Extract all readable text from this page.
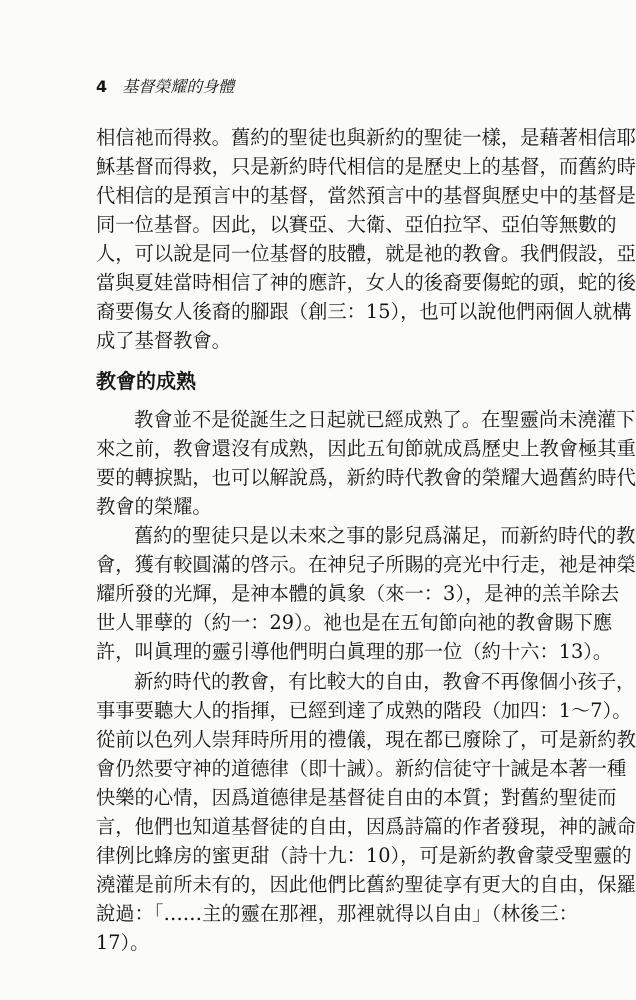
4 基督榮耀的身體
相信祂而得救。舊約的聖徒也與新約的聖徒一樣，是藉著相信耶
穌基督而得救，只是新約時代相信的是歷史上的基督，而舊約時
代相信的是預言中的基督，當然預言中的基督與歷史中的基督是
同一位基督。因此，以賽亞、大衛、亞伯拉罕、亞伯等無數的
人，可以說是同一位基督的肢體，就是祂的教會。我們假設，亞
當與夏娃當時相信了神的應許，女人的後裔要傷蛇的頭，蛇的後
裔要傷女人後裔的腳跟（創三：15），也可以說他們兩個人就構
成了基督教會。
教會的成熟
教會並不是從誕生之日起就已經成熟了。在聖靈尚未澆灌下
來之前，教會還沒有成熟，因此五旬節就成爲歷史上教會極其重
要的轉捩點，也可以解說爲，新約時代教會的榮耀大過舊約時代
教會的榮耀。
舊約的聖徒只是以未來之事的影兒爲滿足，而新約時代的教
會，獲有較圓滿的啓示。在神兒子所賜的亮光中行走，祂是神榮
耀所發的光輝，是神本體的眞象（來一：3），是神的羔羊除去
世人罪孽的（約一：29）。祂也是在五旬節向祂的教會賜下應
許，叫眞理的靈引導他們明白眞理的那一位（約十六：13）。
新約時代的教會，有比較大的自由，教會不再像個小孩子，
事事要聽大人的指揮，已經到達了成熟的階段（加四：1～7）。
從前以色列人崇拜時所用的禮儀，現在都已廢除了，可是新約教
會仍然要守神的道德律（即十誡）。新約信徒守十誡是本著一種
快樂的心情，因爲道德律是基督徒自由的本質；對舊約聖徒而
言，他們也知道基督徒的自由，因爲詩篇的作者發現，神的誡命
律例比蜂房的蜜更甜（詩十九：10），可是新約教會蒙受聖靈的
澆灌是前所未有的，因此他們比舊約聖徒享有更大的自由，保羅
說過：「……主的靈在那裡，那裡就得以自由」（林後三：
17）。
